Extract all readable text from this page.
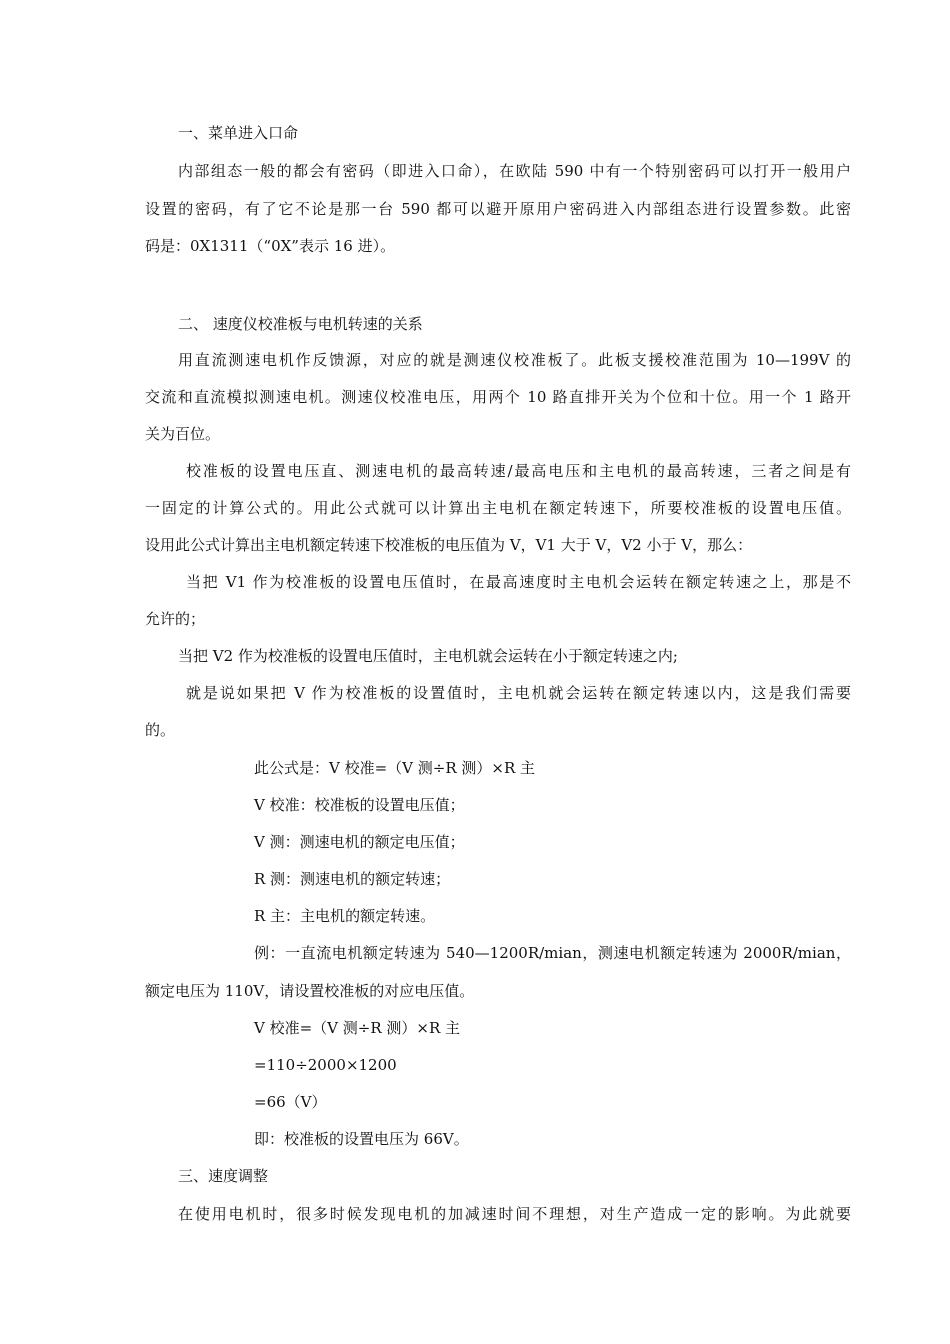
一、菜单进入口命
内部组态一般的都会有密码（即进入口命），在欧陆 590 中有一个特别密码可以打开一般用户
设置的密码，有了它不论是那一台 590 都可以避开原用户密码进入内部组态进行设置参数。此密
码是：0X1311（“0X”表示 16 进）。
二、 速度仪校准板与电机转速的关系
用直流测速电机作反馈源，对应的就是测速仪校准板了。此板支援校准范围为 10—199V 的
交流和直流模拟测速电机。测速仪校准电压，用两个 10 路直排开关为个位和十位。用一个 1 路开
关为百位。
校准板的设置电压直、测速电机的最高转速/最高电压和主电机的最高转速，三者之间是有
一固定的计算公式的。用此公式就可以计算出主电机在额定转速下，所要校准板的设置电压值。
设用此公式计算出主电机额定转速下校准板的电压值为 V，V1 大于 V，V2 小于 V，那么：
当把 V1 作为校准板的设置电压值时，在最高速度时主电机会运转在额定转速之上，那是不
允许的；
当把 V2 作为校准板的设置电压值时，主电机就会运转在小于额定转速之内;
就是说如果把 V 作为校准板的设置值时，主电机就会运转在额定转速以内，这是我们需要
的。
此公式是：V 校准=（V 测÷R 测）×R 主
V 校准：校准板的设置电压值；
V 测：测速电机的额定电压值；
R 测：测速电机的额定转速；
R 主：主电机的额定转速。
例：一直流电机额定转速为 540—1200R/mian，测速电机额定转速为 2000R/mian，
额定电压为 110V，请设置校准板的对应电压值。
V 校准=（V 测÷R 测）×R 主
=110÷2000×1200
=66（V）
即：校准板的设置电压为 66V。
三、速度调整
在使用电机时，很多时候发现电机的加减速时间不理想，对生产造成一定的影响。为此就要
